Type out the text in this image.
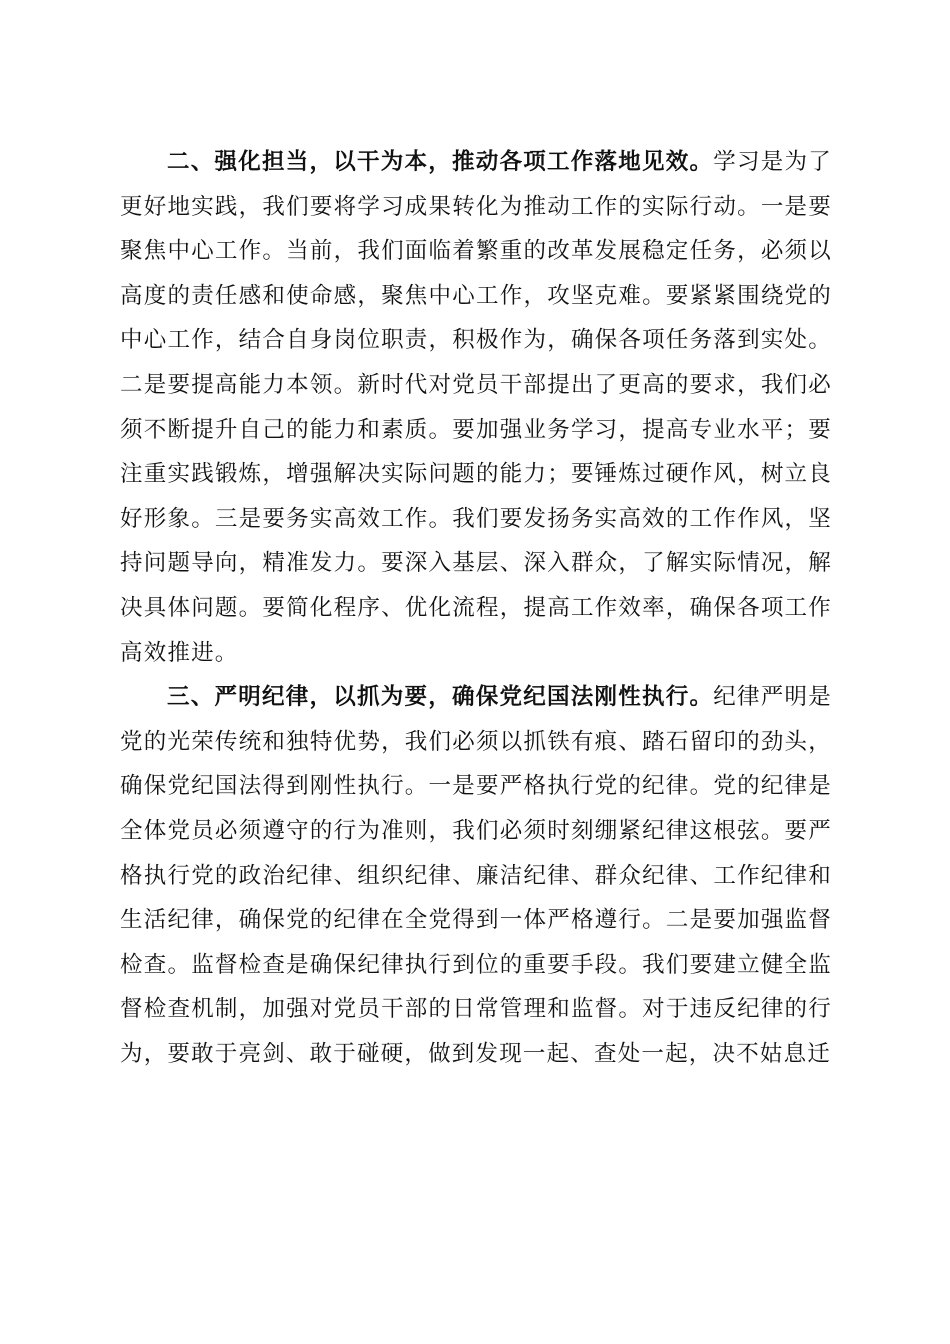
二、强化担当，以干为本，推动各项工作落地见效。学习是为了更好地实践，我们要将学习成果转化为推动工作的实际行动。一是要聚焦中心工作。当前，我们面临着繁重的改革发展稳定任务，必须以高度的责任感和使命感，聚焦中心工作，攻坚克难。要紧紧围绕党的中心工作，结合自身岗位职责，积极作为，确保各项任务落到实处。二是要提高能力本领。新时代对党员干部提出了更高的要求，我们必须不断提升自己的能力和素质。要加强业务学习，提高专业水平；要注重实践锻炼，增强解决实际问题的能力；要锤炼过硬作风，树立良好形象。三是要务实高效工作。我们要发扬务实高效的工作作风，坚持问题导向，精准发力。要深入基层、深入群众，了解实际情况，解决具体问题。要简化程序、优化流程，提高工作效率，确保各项工作高效推进。

三、严明纪律，以抓为要，确保党纪国法刚性执行。纪律严明是党的光荣传统和独特优势，我们必须以抓铁有痕、踏石留印的劲头，确保党纪国法得到刚性执行。一是要严格执行党的纪律。党的纪律是全体党员必须遵守的行为准则，我们必须时刻绷紧纪律这根弦。要严格执行党的政治纪律、组织纪律、廉洁纪律、群众纪律、工作纪律和生活纪律，确保党的纪律在全党得到一体严格遵行。二是要加强监督检查。监督检查是确保纪律执行到位的重要手段。我们要建立健全监督检查机制，加强对党员干部的日常管理和监督。对于违反纪律的行为，要敢于亮剑、敢于碰硬，做到发现一起、查处一起，决不姑息迁
